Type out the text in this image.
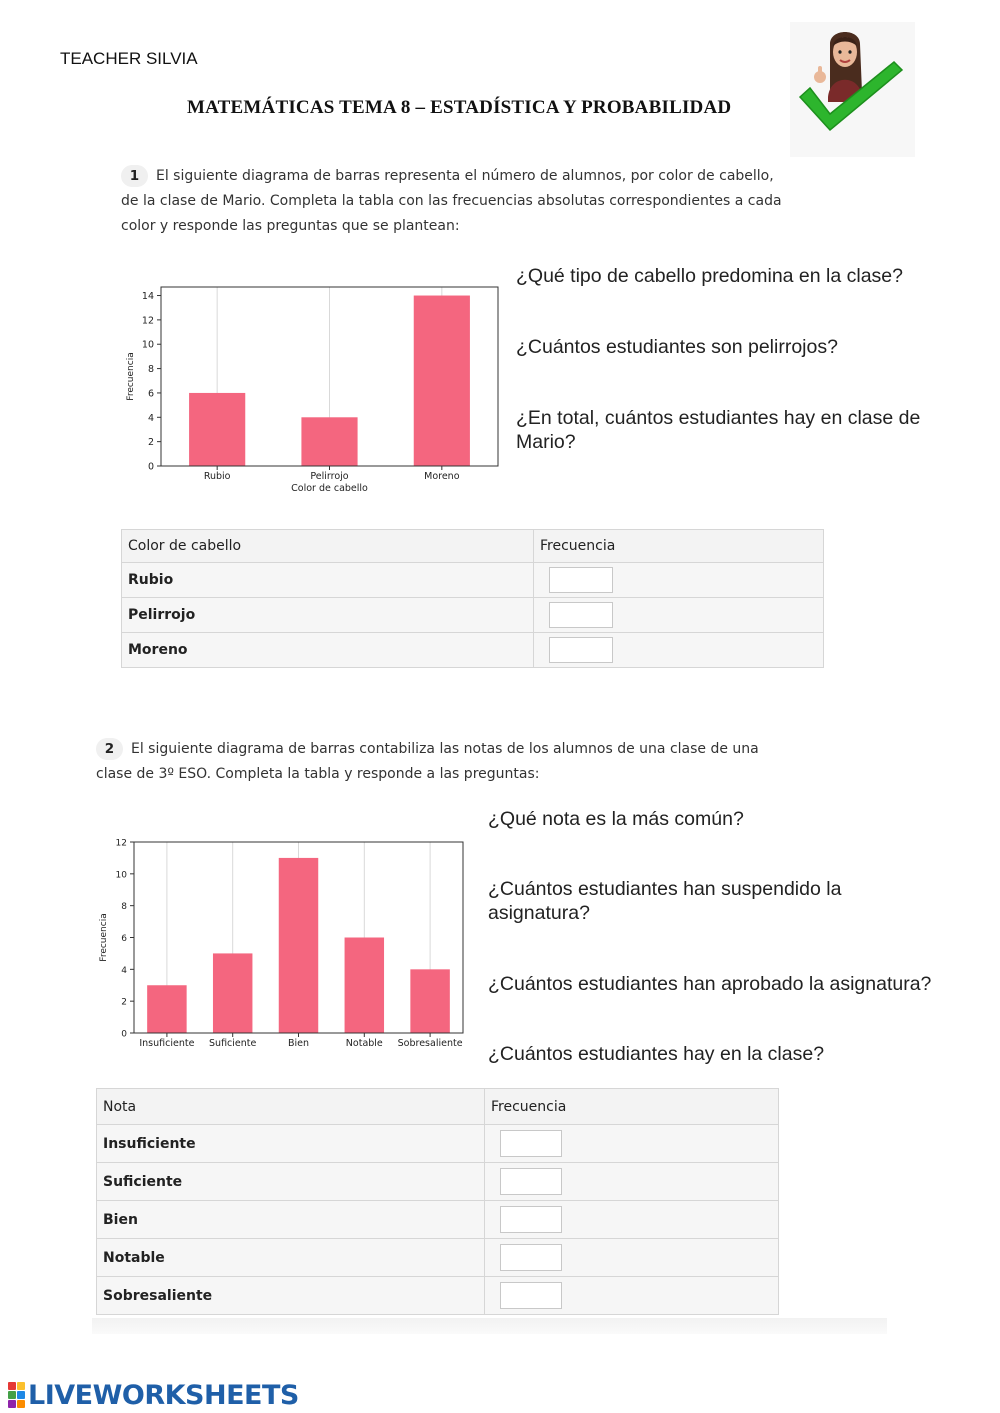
TEACHER SILVIA
MATEMÁTICAS TEMA 8 – ESTADÍSTICA Y PROBABILIDAD
1 El siguiente diagrama de barras representa el número de alumnos, por color de cabello,
de la clase de Mario. Completa la tabla con las frecuencias absolutas correspondientes a cada
color y responde las preguntas que se plantean:
0
2
4
6
8
10
12
14
Rubio	Pelirrojo	Moreno
Frecuencia
Color de cabello
¿Qué tipo de cabello predomina en la clase?
¿Cuántos estudiantes son pelirrojos?
¿En total, cuántos estudiantes hay en clase de Mario?
Color de cabello	Frecuencia
Rubio	

Pelirrojo	

Moreno	
2 El siguiente diagrama de barras contabiliza las notas de los alumnos de una clase de una
clase de 3º ESO. Completa la tabla y responde a las preguntas:
0
2
4
6
8
10
12
Insuficiente Suficiente	Bien	Notable Sobresaliente
Frecuencia
¿Qué nota es la más común?
¿Cuántos estudiantes han suspendido la asignatura?
¿Cuántos estudiantes han aprobado la asignatura?
¿Cuántos estudiantes hay en la clase?
Nota	Frecuencia
Insuficiente	

Suficiente	

Bien	

Notable	

Sobresaliente	
LIVEWORKSHEETS
